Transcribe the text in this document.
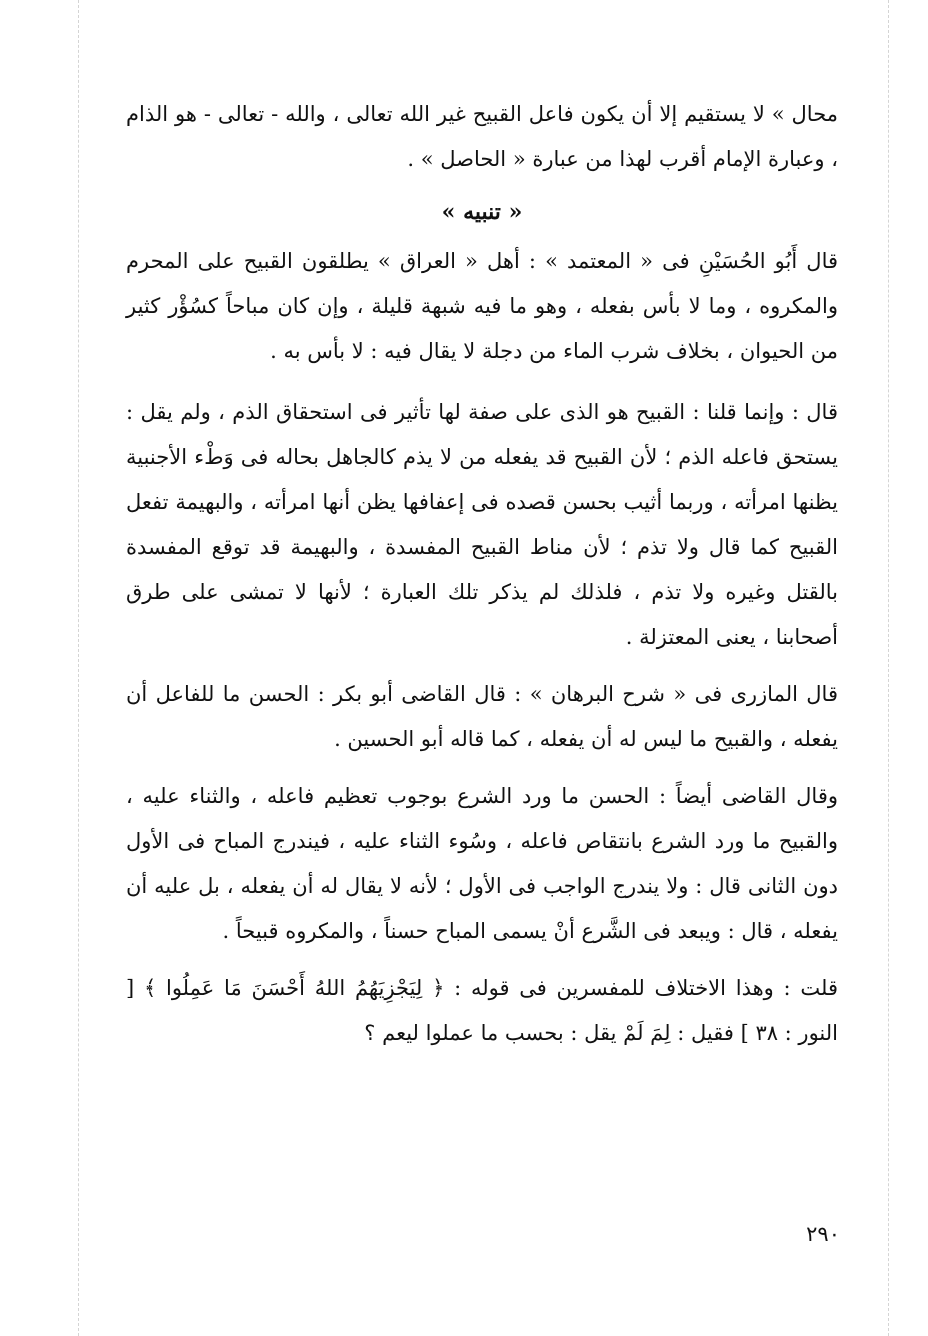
محال » لا يستقيم إلا أن يكون فاعل القبيح غير الله تعالى ، والله - تعالى - هو الذام ، وعبارة الإمام أقرب لهذا من عبارة « الحاصل » .

« تنبيه »

قال أَبُو الحُسَيْنِ فى « المعتمد » : أهل « العراق » يطلقون القبيح على المحرم والمكروه ، وما لا بأس بفعله ، وهو ما فيه شبهة قليلة ، وإن كان مباحاً كسُؤْر كثير من الحيوان ، بخلاف شرب الماء من دجلة لا يقال فيه : لا بأس به .

قال : وإنما قلنا : القبيح هو الذى على صفة لها تأثير فى استحقاق الذم ، ولم يقل : يستحق فاعله الذم ؛ لأن القبيح قد يفعله من لا يذم كالجاهل بحاله فى وَطْء الأجنبية يظنها امرأته ، وربما أثيب بحسن قصده فى إعفافها يظن أنها امرأته ، والبهيمة تفعل القبيح كما قال ولا تذم ؛ لأن مناط القبيح المفسدة ، والبهيمة قد توقع المفسدة بالقتل وغيره ولا تذم ، فلذلك لم يذكر تلك العبارة ؛ لأنها لا تمشى على طرق أصحابنا ، يعنى المعتزلة .

قال المازرى فى « شرح البرهان » : قال القاضى أبو بكر : الحسن ما للفاعل أن يفعله ، والقبيح ما ليس له أن يفعله ، كما قاله أبو الحسين .

وقال القاضى أيضاً : الحسن ما ورد الشرع بوجوب تعظيم فاعله ، والثناء عليه ، والقبيح ما ورد الشرع بانتقاص فاعله ، وسُوء الثناء عليه ، فيندرج المباح فى الأول دون الثانى قال : ولا يندرج الواجب فى الأول ؛ لأنه لا يقال له أن يفعله ، بل عليه أن يفعله ، قال : ويبعد فى الشَّرع أنْ يسمى المباح حسناً ، والمكروه قبيحاً .

قلت : وهذا الاختلاف للمفسرين فى قوله : ﴿ لِيَجْزِيَهُمُ اللهُ أَحْسَنَ مَا عَمِلُوا ﴾ [ النور : ٣٨ ] فقيل : لِمَ لَمْ يقل : بحسب ما عملوا ليعم ؟

٢٩٠
